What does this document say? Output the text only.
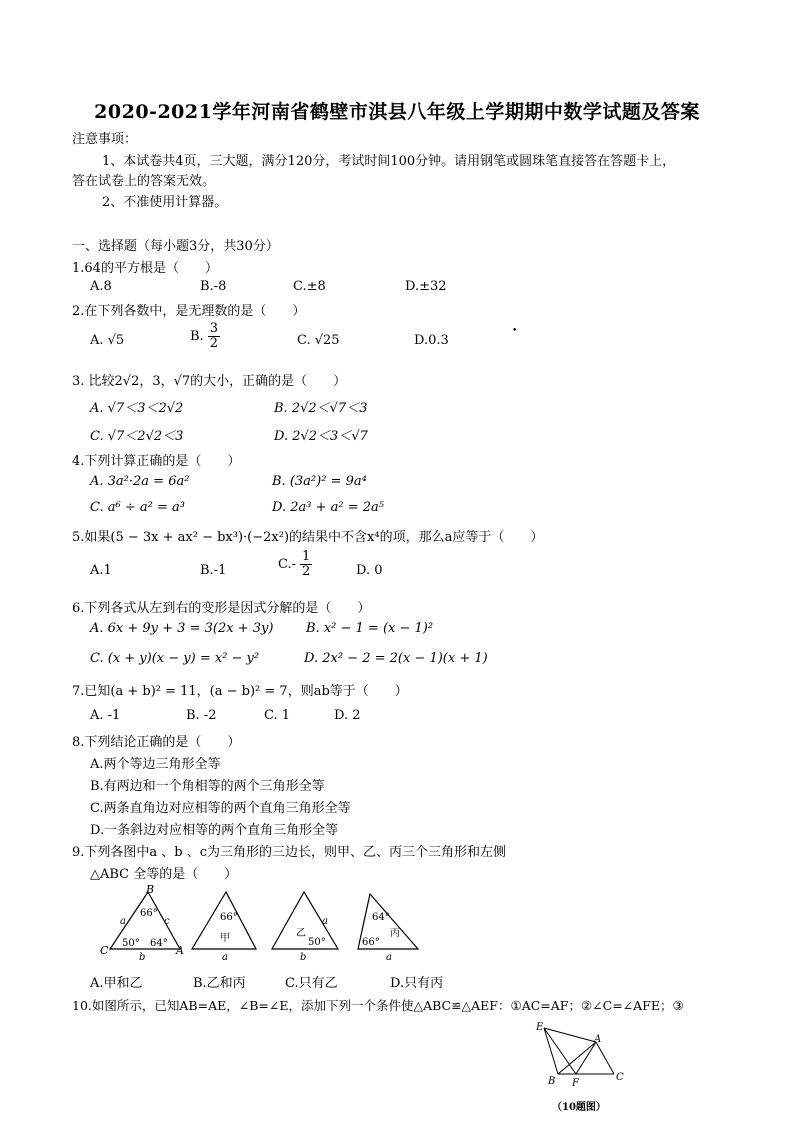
2020-2021学年河南省鹤壁市淇县八年级上学期期中数学试题及答案
注意事项：
1、本试卷共4页，三大题，满分120分，考试时间100分钟。请用钢笔或圆珠笔直接答在答题卡上，
答在试卷上的答案无效。
2、不准使用计算器。
一、选择题（每小题3分，共30分）
1.64的平方根是（　　）
A.8	B.-8	C.±8	D.±32
2.在下列各数中，是无理数的是（　　）
A. √5	B. $\frac{3}{2}$	C. √25	D.0.3
•
3. 比较2√2，3，√7的大小，正确的是（　　）
A. √7＜3＜2√2	B. 2√2＜√7＜3
C. √7＜2√2＜3	D. 2√2＜3＜√7
4.下列计算正确的是（　　）
A. 3a²·2a = 6a²	B. (3a²)² = 9a⁴
C. a⁶ ÷ a² = a³	D. 2a³ + a² = 2a⁵
5.如果(5 − 3x + ax² − bx³)·(−2x²)的结果中不含x⁴的项，那么a应等于（　　）
A.1	B.-1	$C.- \frac{1}{2}$	D. 0
6.下列各式从左到右的变形是因式分解的是（　　）
A. 6x + 9y + 3 = 3(2x + 3y)	B. x² − 1 = (x − 1)²
C. (x + y)(x − y) = x² − y²	D. 2x² − 2 = 2(x − 1)(x + 1)
7.已知(a + b)² = 11，(a − b)² = 7，则ab等于（　　）
A. -1	B. -2	C. 1	D. 2
8.下列结论正确的是（　　）
A.两个等边三角形全等
B.有两边和一个角相等的两个三角形全等
C.两条直角边对应相等的两个直角三角形全等
D.一条斜边对应相等的两个直角三角形全等
9.下列各图中a 、b 、c为三角形的三边长，则甲、乙、丙三个三角形和左侧
△ABC 全等的是（　　）
B
C	A
a	c
b
66°
50° 64°
66°
甲
a
a
乙
50°
b
64°
丙
66°
a
A.甲和乙	B.乙和丙	C.只有乙	D.只有丙
10.如图所示，已知AB=AE，∠B=∠E，添加下列一个条件使△ABC≌△AEF：①AC=AF；②∠C=∠AFE；③
E
A
B F
C
（10题图）
